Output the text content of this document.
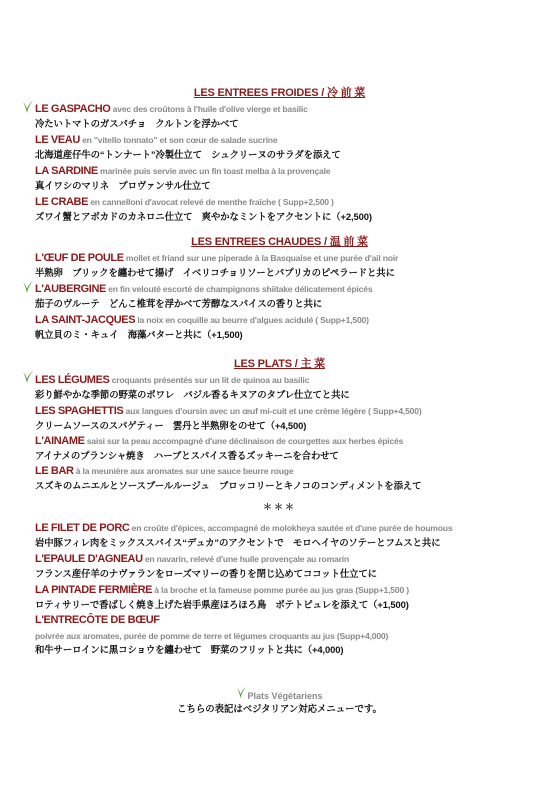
LES ENTREES FROIDES / 冷 前 菜
LE GASPACHO avec des croûtons à l'huile d'olive vierge et basilic
冷たいトマトのガスパチョ　クルトンを浮かべて
LE VEAU en "vitello tonnato" et son cœur de salade sucrine
北海道産仔牛の“トンナート”冷製仕立て　シュクリーヌのサラダを添えて
LA SARDINE marinée puis servie avec un fin toast melba à la provençale
真イワシのマリネ　プロヴァンサル仕立て
LE CRABE en cannelloni d'avocat relevé de menthe fraîche ( Supp+2,500 )
ズワイ蟹とアボカドのカネロニ仕立て　爽やかなミントをアクセントに（+2,500)
LES ENTREES CHAUDES / 温 前 菜
L'ŒUF DE POULE mollet et friand sur une piperade à la Basquaise et une purée d'ail noir
半熟卵　ブリックを纏わせて揚げ　イベリコチョリソーとパプリカのピペラードと共に
L'AUBERGINE en fin velouté escorté de champignons shiitake délicatement épicés
茄子のヴルーテ　どんこ椎茸を浮かべて芳醇なスパイスの香りと共に
LA SAINT-JACQUES la noix en coquille au beurre d'algues acidulé ( Supp+1,500)
帆立貝のミ・キュイ　海藻バターと共に（+1,500)
LES PLATS / 主 菜
LES LÉGUMES croquants présentés sur un lit de quinoa au basilic
彩り鮮やかな季節の野菜のポワレ　バジル香るキヌアのタブレ仕立てと共に
LES SPAGHETTIS aux langues d'oursin avec un œuf mi-cuit et une crème légère ( Supp+4,500)
クリームソースのスパゲティー　雲丹と半熟卵をのせて（+4,500)
L'AINAME saisi sur la peau accompagné d'une déclinaison de courgettes aux herbes épicés
アイナメのプランシャ焼き　ハーブとスパイス香るズッキーニを合わせて
LE BAR à la meunière aux aromates sur une sauce beurre rouge
スズキのムニエルとソースブールルージュ　ブロッコリーとキノコのコンディメントを添えて
＊＊＊
LE FILET DE PORC en croûte d'épices, accompagné de molokheya sautée et d'une purée de houmous
岩中豚フィレ肉をミックススパイス“デュカ”のアクセントで　モロヘイヤのソテーとフムスと共に
L'EPAULE D'AGNEAU en navarin, relevé d'une huile provençale au romarin
フランス産仔羊のナヴァランをローズマリーの香りを閉じ込めてココット仕立てに
LA PINTADE FERMIÈRE à la broche et la fameuse pomme purée au jus gras (Supp+1,500 )
ロティサリーで香ばしく焼き上げた岩手県産ほろほろ鳥　ポテトピュレを添えて（+1,500)
L'ENTRECÔTE DE BŒUF
poivrée aux aromates, purée de pomme de terre et légumes croquants au jus (Supp+4,000)
和牛サーロインに黒コショウを纏わせて　野菜のフリットと共に（+4,000)
Plats Végétariens
こちらの表記はベジタリアン対応メニューです。
